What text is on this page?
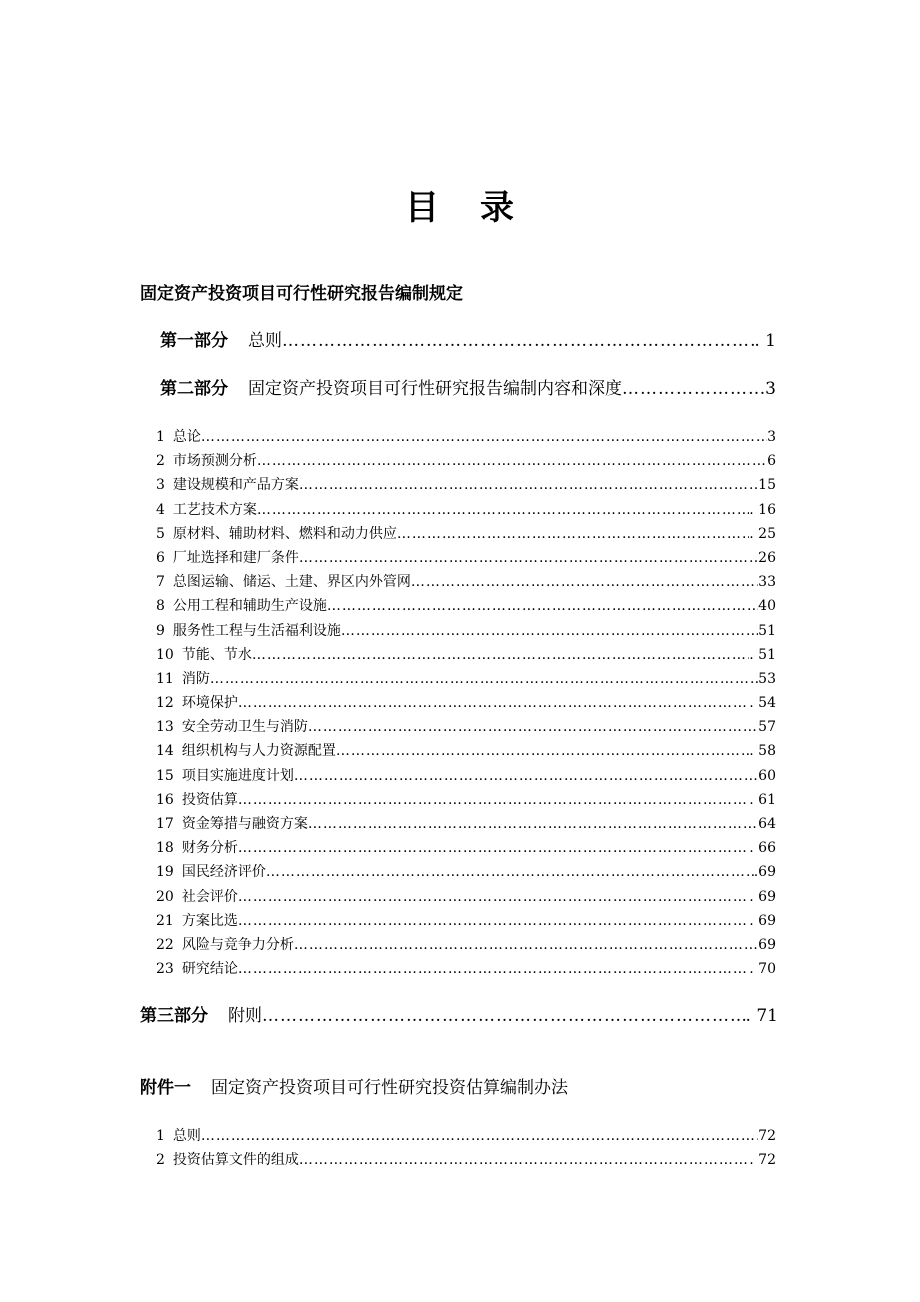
目 录
固定资产投资项目可行性研究报告编制规定
第一部分 总则 …………………………………………………………………………………………………………………………………………………………………………………………………………………………………………	. 1
第二部分 固定资产投资项目可行性研究报告编制内容和深度 …………………………………………………………………………………………………………………………………………………………………………………………………………………………………………	.3
1 总论 …………………………………………………………………………………………………………………………………………………………………………………………………………………………………………	3
2 市场预测分析 …………………………………………………………………………………………………………………………………………………………………………………………………………………………………………	6
3 建设规模和产品方案 …………………………………………………………………………………………………………………………………………………………………………………………………………………………………………	.15
4 工艺技术方案 …………………………………………………………………………………………………………………………………………………………………………………………………………………………………………	. 16
5 原材料、辅助材料、燃料和动力供应 …………………………………………………………………………………………………………………………………………………………………………………………………………………………………………	. 25
6 厂址选择和建厂条件 …………………………………………………………………………………………………………………………………………………………………………………………………………………………………………	.26
7 总图运输、储运、土建、界区内外管网 …………………………………………………………………………………………………………………………………………………………………………………………………………………………………………	33
8 公用工程和辅助生产设施 …………………………………………………………………………………………………………………………………………………………………………………………………………………………………………	40
9 服务性工程与生活福利设施 …………………………………………………………………………………………………………………………………………………………………………………………………………………………………………	51
10 节能、节水 …………………………………………………………………………………………………………………………………………………………………………………………………………………………………………	. 51
11 消防 …………………………………………………………………………………………………………………………………………………………………………………………………………………………………………	53
12 环境保护 …………………………………………………………………………………………………………………………………………………………………………………………………………………………………………	. 54
13 安全劳动卫生与消防 …………………………………………………………………………………………………………………………………………………………………………………………………………………………………………	57
14 组织机构与人力资源配置 …………………………………………………………………………………………………………………………………………………………………………………………………………………………………………	. 58
15 项目实施进度计划 …………………………………………………………………………………………………………………………………………………………………………………………………………………………………………	60
16 投资估算 …………………………………………………………………………………………………………………………………………………………………………………………………………………………………………	. 61
17 资金筹措与融资方案 …………………………………………………………………………………………………………………………………………………………………………………………………………………………………………	64
18 财务分析 …………………………………………………………………………………………………………………………………………………………………………………………………………………………………………	. 66
19 国民经济评价 …………………………………………………………………………………………………………………………………………………………………………………………………………………………………………	.69
20 社会评价 …………………………………………………………………………………………………………………………………………………………………………………………………………………………………………	. 69
21 方案比选 …………………………………………………………………………………………………………………………………………………………………………………………………………………………………………	. 69
22 风险与竞争力分析 …………………………………………………………………………………………………………………………………………………………………………………………………………………………………………	69
23 研究结论 …………………………………………………………………………………………………………………………………………………………………………………………………………………………………………	. 70
第三部分 附则 …………………………………………………………………………………………………………………………………………………………………………………………………………………………………………	. 71
附件一 固定资产投资项目可行性研究投资估算编制办法
1 总则 …………………………………………………………………………………………………………………………………………………………………………………………………………………………………………	72
2 投资估算文件的组成 …………………………………………………………………………………………………………………………………………………………………………………………………………………………………………	. 72
